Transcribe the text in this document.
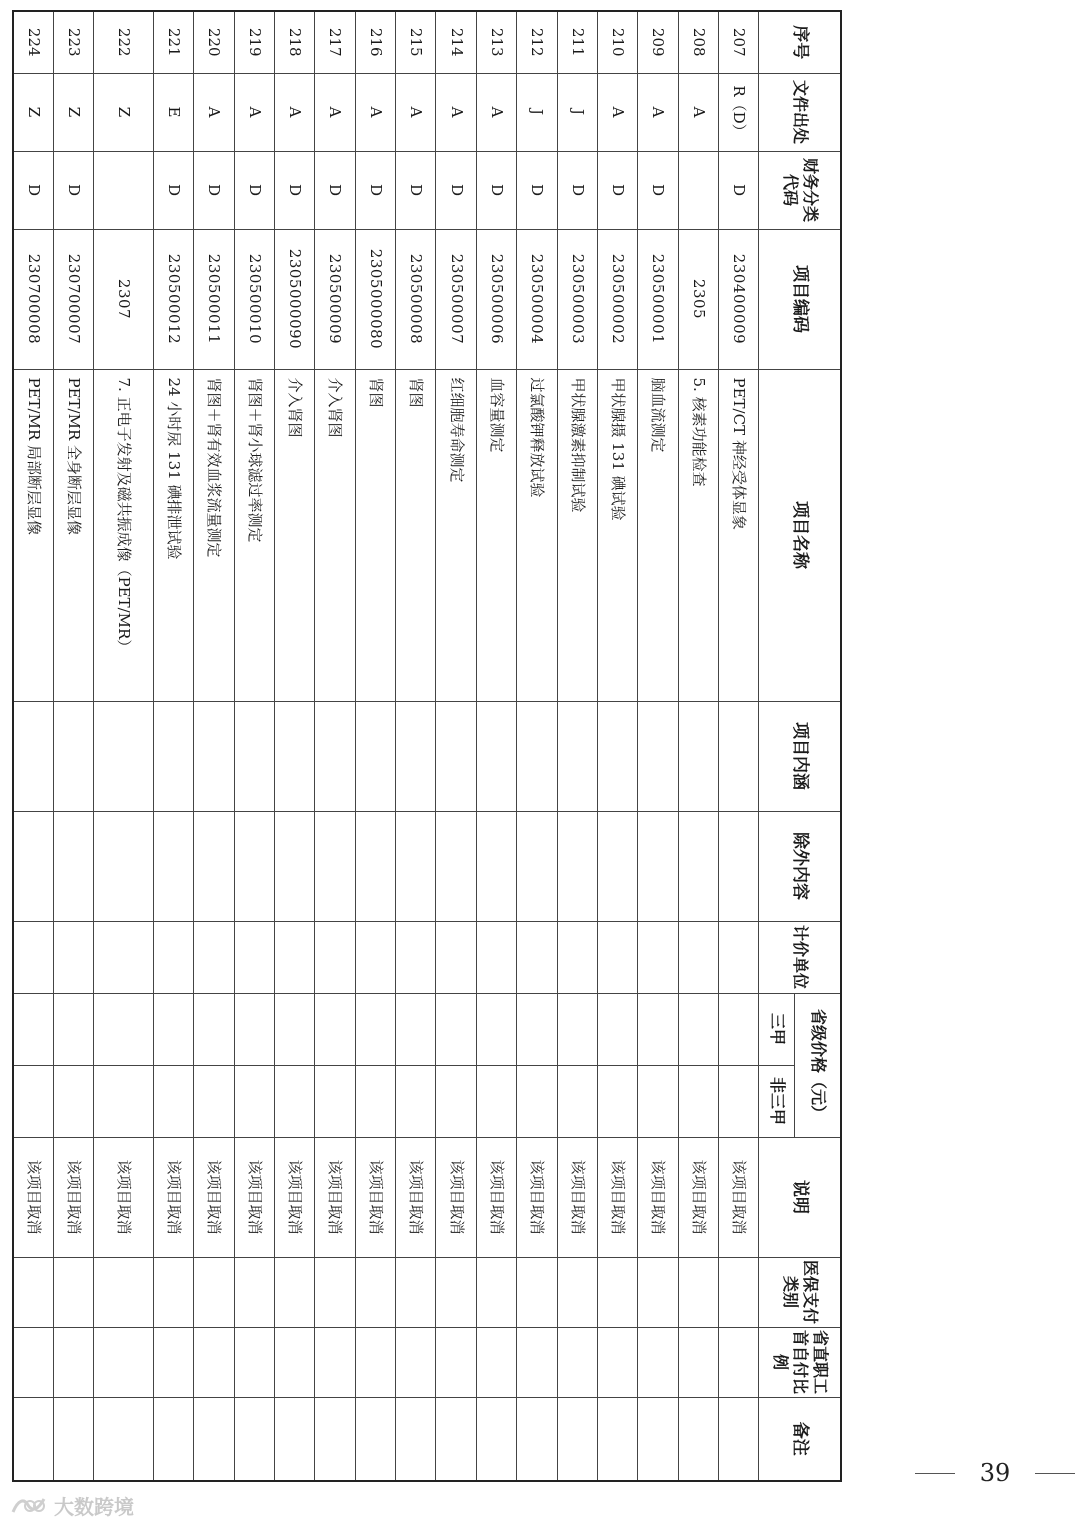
序号	文件出处	财务分类代码	项目编码	项目名称	项目内涵	除外内容	计价单位	省级价格（元）		说明	医保支付类别	省直职工首自付比例	备注
								三甲	非三甲				
207	R（D）	D	230400009	PET/CT 神经受体显象						该项目取消			
208	A		2305	5. 核素功能检查						该项目取消			
209	A	D	230500001	脑血流测定						该项目取消			
210	A	D	230500002	甲状腺摄 131 碘试验						该项目取消			
211	J	D	230500003	甲状腺激素抑制试验						该项目取消			
212	J	D	230500004	过氯酸钾释放试验						该项目取消			
213	A	D	230500006	血容量测定						该项目取消			
214	A	D	230500007	红细胞寿命测定						该项目取消			
215	A	D	230500008	肾图						该项目取消			
216	A	D	2305000080	肾图						该项目取消			
217	A	D	230500009	介入肾图						该项目取消			
218	A	D	2305000090	介入肾图						该项目取消			
219	A	D	230500010	肾图＋肾小球滤过率测定						该项目取消			
220	A	D	230500011	肾图＋肾有效血浆流量测定						该项目取消			
221	E	D	230500012	24 小时尿 131 碘排泄试验						该项目取消			
222	Z		2307	7. 正电子发射及磁共振成像（PET/MR）						该项目取消			
223	Z	D	230700007	PET/MR 全身断层显像						该项目取消			
224	Z	D	230700008	PET/MR 局部断层显像						该项目取消			
39
大数跨境
